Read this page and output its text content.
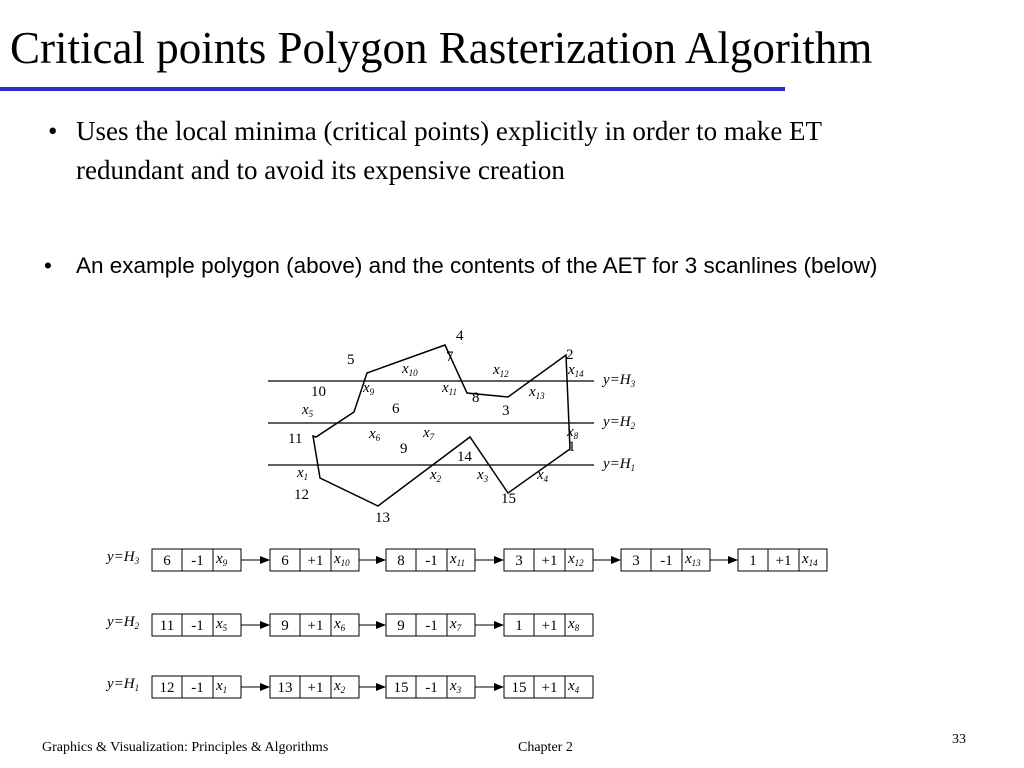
Critical points Polygon Rasterization Algorithm
• Uses the local minima (critical points) explicitly in order to make ET redundant and to avoid its expensive creation
•	An example polygon (above) and the contents of the AET for 3 scanlines (below)
1
2
3
4
5
6
7
8
9
10
11
12
13
14
15
$x_1$	$x_2$ $x_3$	$x_4$
$x_5$
$x_6$	$x_7$	$x_8$
$x_9$
$x_{10}$
$x_{11}$
$x_{12}$
$x_{13}$
$x_{14}$ $y=H_3$
$y=H_2$
$y=H_1$
$y=H_3$ 6 -1 $x_9$	6 +1 $x_{10}$	8 -1 $x_{11}$	3 +1 $x_{12}$	3 -1 $x_{13}$	1 +1 $x_{14}$
$y=H_2$ 11 -1 $x_5$	9 +1 $x_6$	9 -1 $x_7$	1 +1 $x_8$
$y=H_1$ 12 -1 $x_1$	13 +1 $x_2$	15 -1 $x_3$	15 +1 $x_4$
Graphics & Visualization: Principles & Algorithms	Chapter 2
33
